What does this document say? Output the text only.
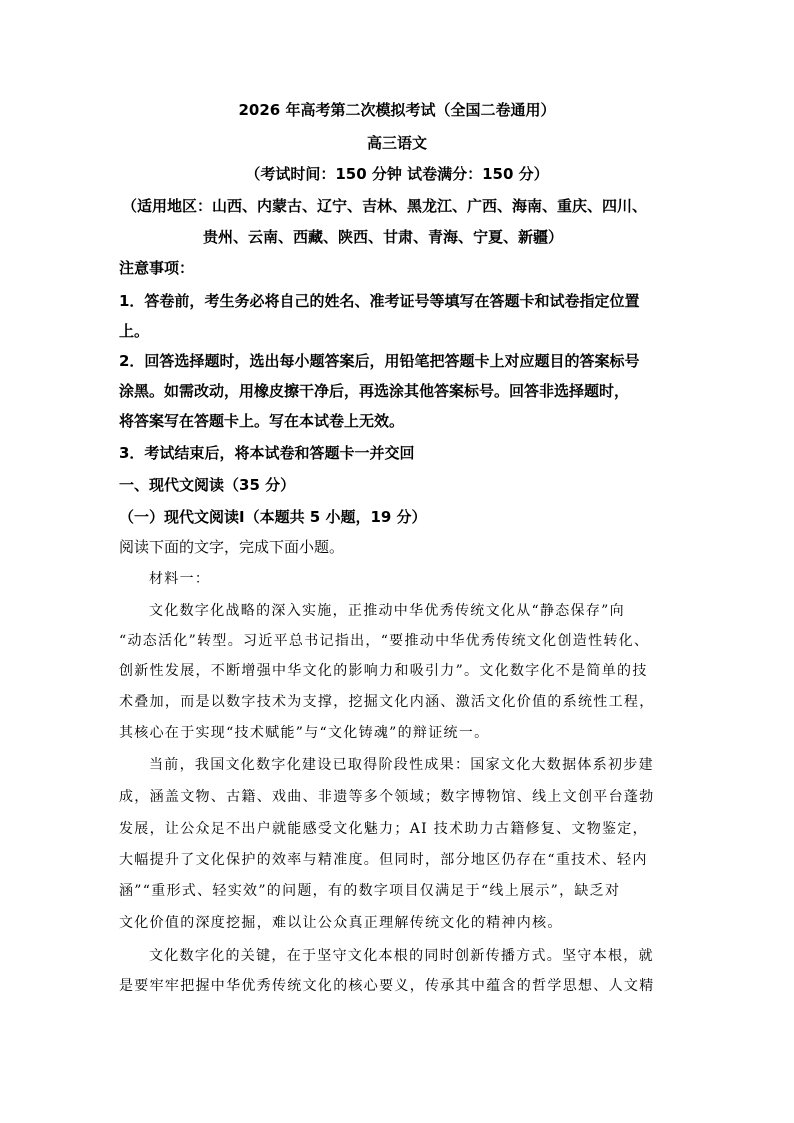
2026 年高考第二次模拟考试（全国二卷通用）
高三语文
（考试时间：150 分钟 试卷满分：150 分）
（适用地区：山西、内蒙古、辽宁、吉林、黑龙江、广西、海南、重庆、四川、
贵州、云南、西藏、陕西、甘肃、青海、宁夏、新疆）
注意事项：
1．答卷前，考生务必将自己的姓名、准考证号等填写在答题卡和试卷指定位置
上。
2．回答选择题时，选出每小题答案后，用铅笔把答题卡上对应题目的答案标号
涂黑。如需改动，用橡皮擦干净后，再选涂其他答案标号。回答非选择题时，
将答案写在答题卡上。写在本试卷上无效。
3．考试结束后，将本试卷和答题卡一并交回
一、现代文阅读（35 分）
（一）现代文阅读Ⅰ（本题共 5 小题，19 分）
阅读下面的文字，完成下面小题。
材料一：
文化数字化战略的深入实施，正推动中华优秀传统文化从“静态保存”向
“动态活化”转型。习近平总书记指出，“要推动中华优秀传统文化创造性转化、
创新性发展，不断增强中华文化的影响力和吸引力”。文化数字化不是简单的技
术叠加，而是以数字技术为支撑，挖掘文化内涵、激活文化价值的系统性工程，
其核心在于实现“技术赋能”与“文化铸魂”的辩证统一。
当前，我国文化数字化建设已取得阶段性成果：国家文化大数据体系初步建
成，涵盖文物、古籍、戏曲、非遗等多个领域；数字博物馆、线上文创平台蓬勃
发展，让公众足不出户就能感受文化魅力；AI 技术助力古籍修复、文物鉴定，
大幅提升了文化保护的效率与精准度。但同时，部分地区仍存在“重技术、轻内
涵”“重形式、轻实效”的问题，有的数字项目仅满足于“线上展示”，缺乏对
文化价值的深度挖掘，难以让公众真正理解传统文化的精神内核。
文化数字化的关键，在于坚守文化本根的同时创新传播方式。坚守本根，就
是要牢牢把握中华优秀传统文化的核心要义，传承其中蕴含的哲学思想、人文精
